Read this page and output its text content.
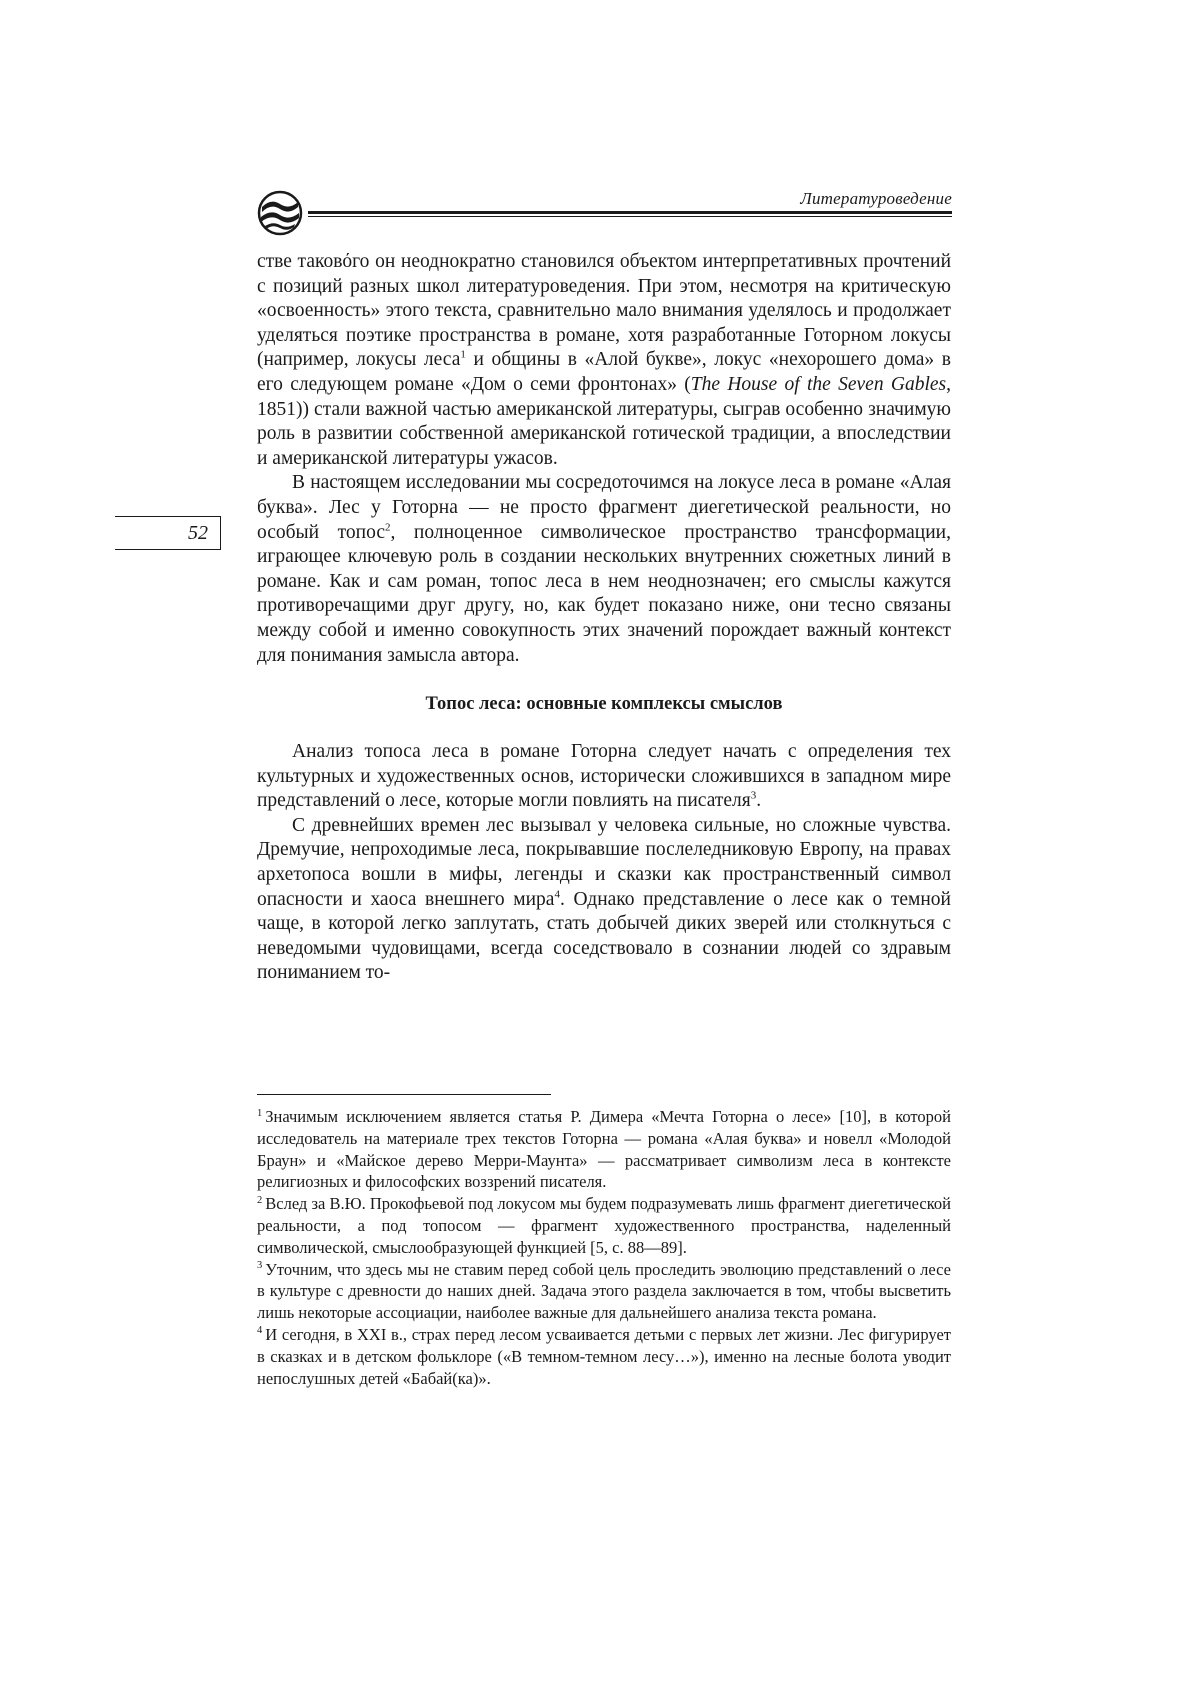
Литературоведение
52

стве таковόго он неоднократно становился объектом интерпретативных прочтений с позиций разных школ литературоведения. При этом, несмотря на критическую «освоенность» этого текста, сравнительно мало внимания уделялось и продолжает уделяться поэтике пространства в романе, хотя разработанные Готорном локусы (например, локусы леса$^1$ и общины в «Алой букве», локус «нехорошего дома» в его следующем романе «Дом о семи фронтонах» (The House of the Seven Gables, 1851)) стали важной частью американской литературы, сыграв особенно значимую роль в развитии собственной американской готической традиции, а впоследствии и американской литературы ужасов.

В настоящем исследовании мы сосредоточимся на локусе леса в романе «Алая буква». Лес у Готорна — не просто фрагмент диегетической реальности, но особый топос$^2$, полноценное символическое пространство трансформации, играющее ключевую роль в создании нескольких внутренних сюжетных линий в романе. Как и сам роман, топос леса в нем неоднозначен; его смыслы кажутся противоречащими друг другу, но, как будет показано ниже, они тесно связаны между собой и именно совокупность этих значений порождает важный контекст для понимания замысла автора.

Топос леса: основные комплексы смыслов

Анализ топоса леса в романе Готорна следует начать с определения тех культурных и художественных основ, исторически сложившихся в западном мире представлений о лесе, которые могли повлиять на писателя$^3$.

С древнейших времен лес вызывал у человека сильные, но сложные чувства. Дремучие, непроходимые леса, покрывавшие послеледниковую Европу, на правах архетопоса вошли в мифы, легенды и сказки как пространственный символ опасности и хаоса внешнего мира$^4$. Однако представление о лесе как о темной чаще, в которой легко заплутать, стать добычей диких зверей или столкнуться с неведомыми чудовищами, всегда соседствовало в сознании людей со здравым пониманием то-

$^1$ Значимым исключением является статья Р. Димера «Мечта Готорна о лесе» [10], в которой исследователь на материале трех текстов Готорна — романа «Алая буква» и новелл «Молодой Браун» и «Майское дерево Мерри-Маунта» — рассматривает символизм леса в контексте религиозных и философских воззрений писателя.

$^2$ Вслед за В.Ю. Прокофьевой под локусом мы будем подразумевать лишь фрагмент диегетической реальности, а под топосом — фрагмент художественного пространства, наделенный символической, смыслообразующей функцией [5, с. 88—89].

$^3$ Уточним, что здесь мы не ставим перед собой цель проследить эволюцию представлений о лесе в культуре с древности до наших дней. Задача этого раздела заключается в том, чтобы высветить лишь некоторые ассоциации, наиболее важные для дальнейшего анализа текста романа.

$^4$ И сегодня, в XXI в., страх перед лесом усваивается детьми с первых лет жизни. Лес фигурирует в сказках и в детском фольклоре («В темном-темном лесу…»), именно на лесные болота уводит непослушных детей «Бабай(ка)».
